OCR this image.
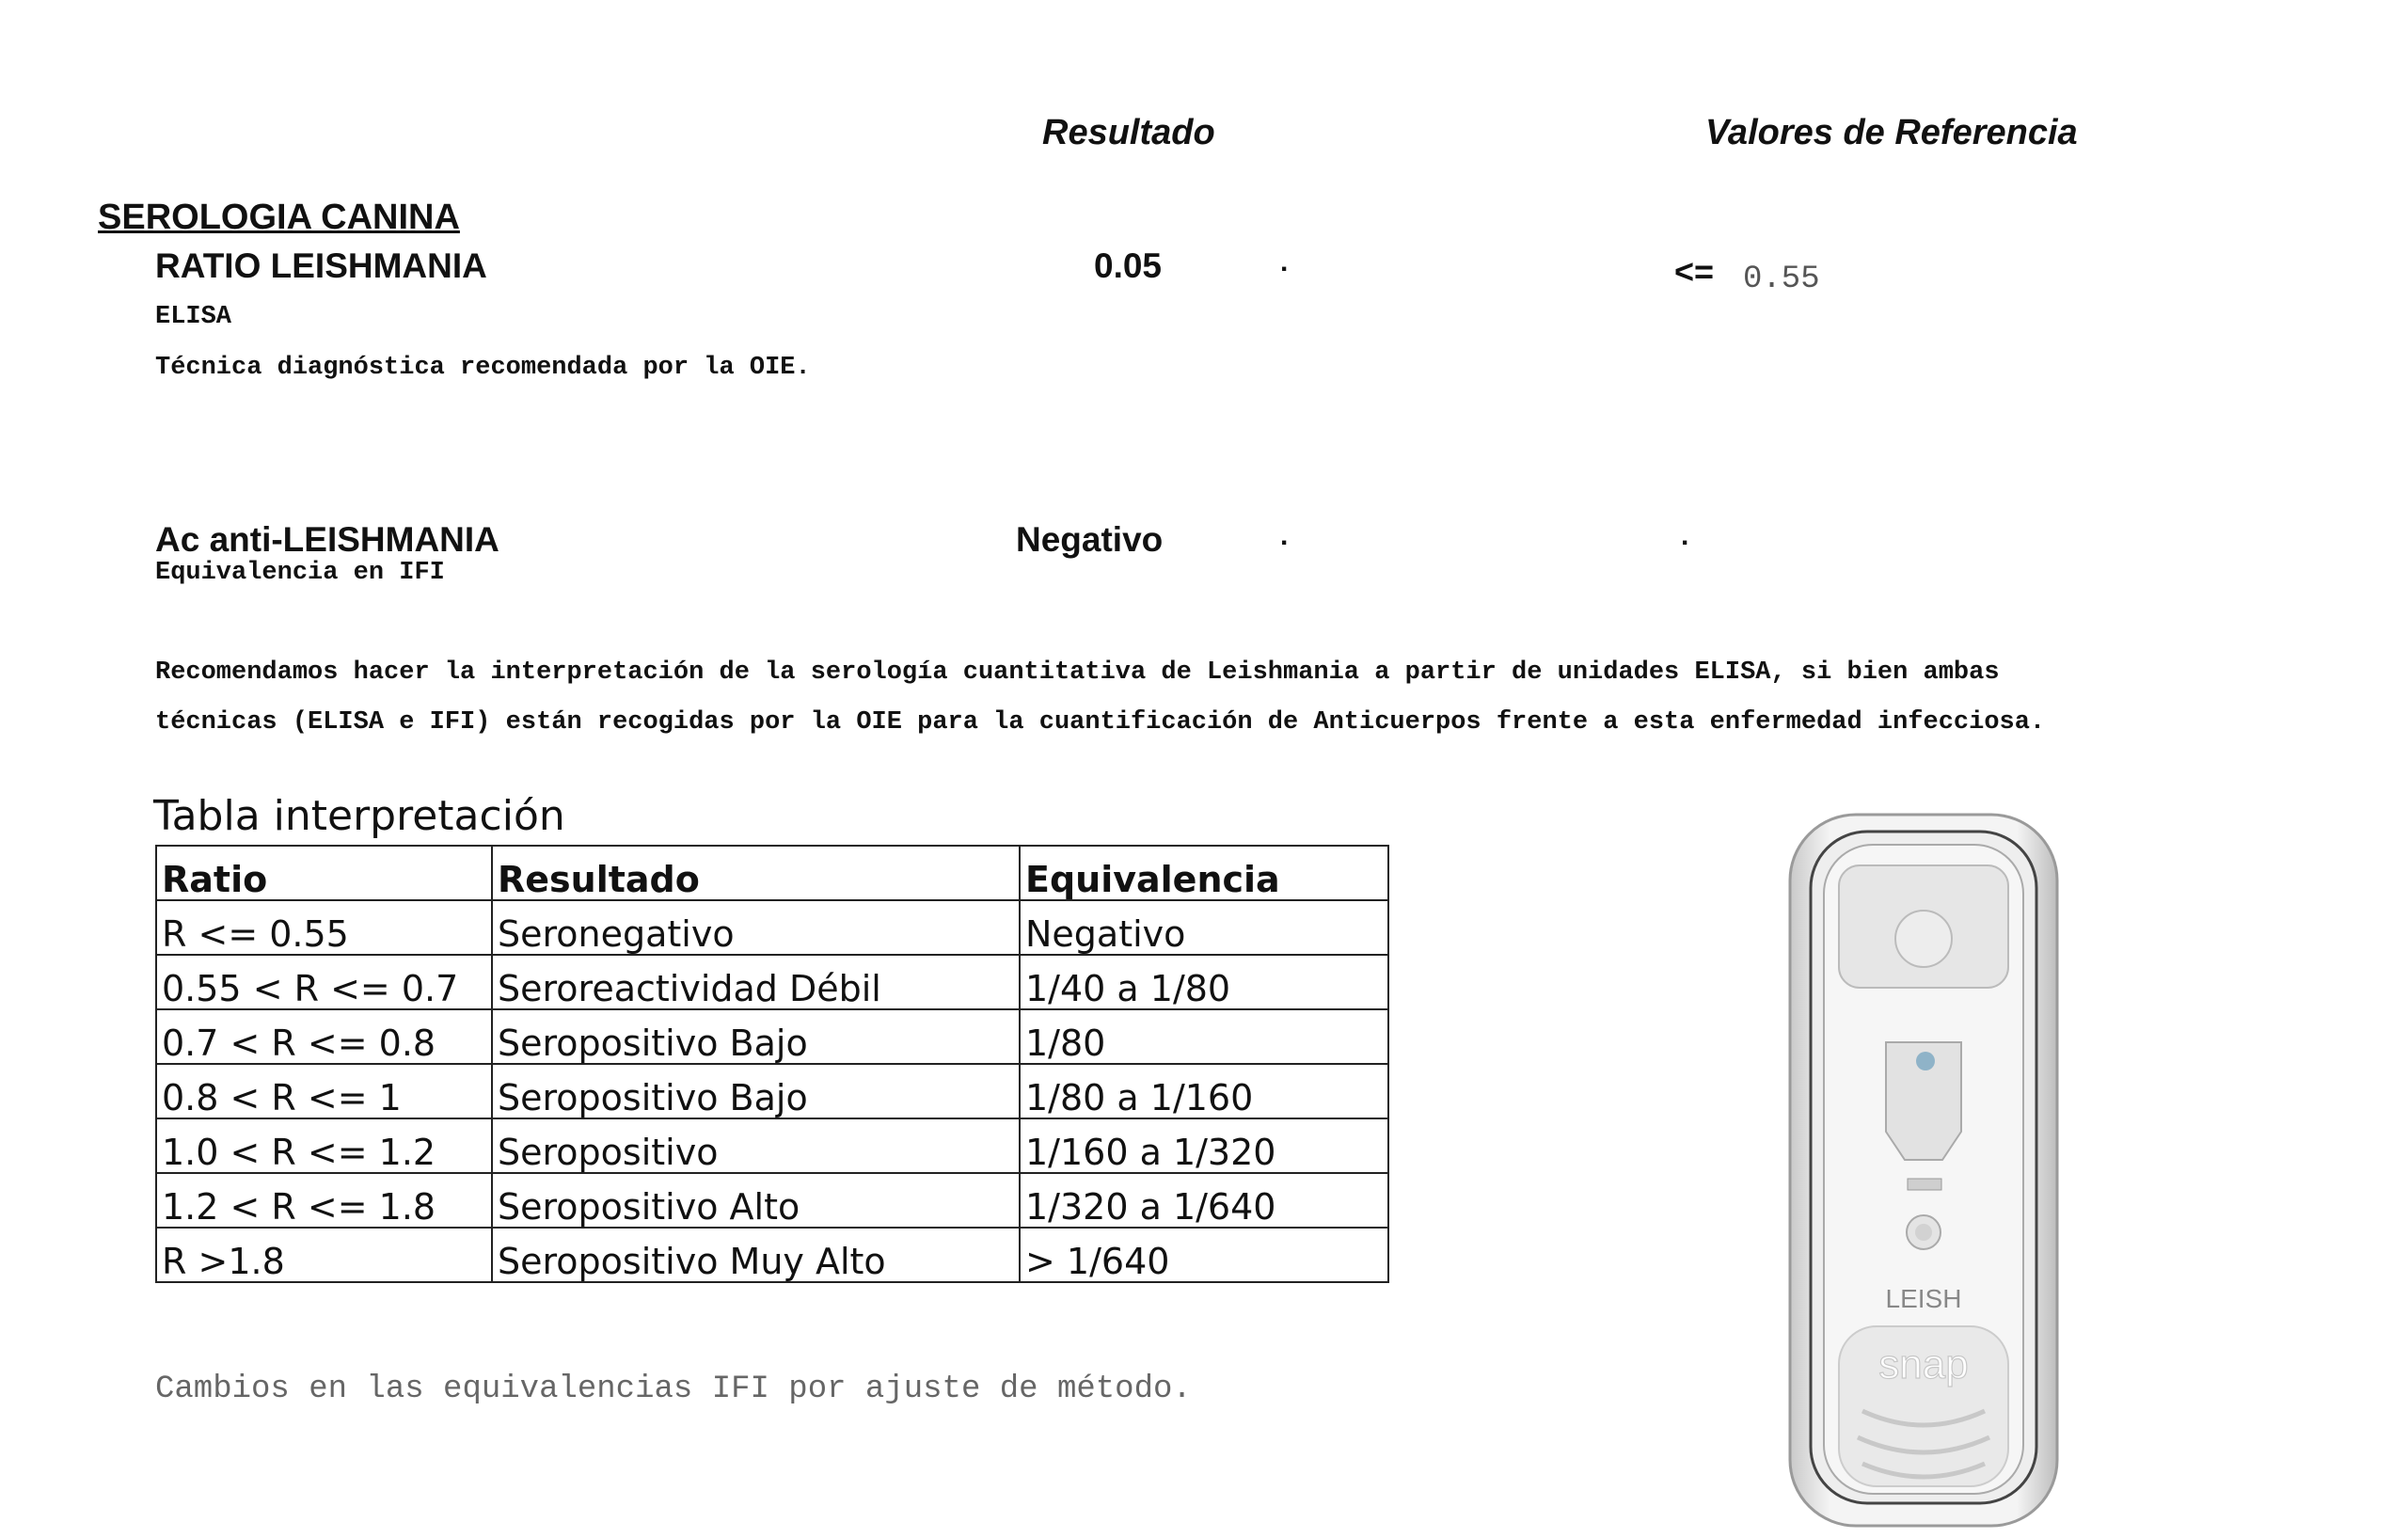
Resultado	Valores de Referencia
SEROLOGIA CANINA
RATIO LEISHMANIA	0.05	.	<= 0.55
ELISA
Técnica diagnóstica recomendada por la OIE.
Ac anti-LEISHMANIA	Negativo	.	.
Equivalencia en IFI
Recomendamos hacer la interpretación de la serología cuantitativa de Leishmania a partir de unidades ELISA, si bien ambas
técnicas (ELISA e IFI) están recogidas por la OIE para la cuantificación de Anticuerpos frente a esta enfermedad infecciosa.
Tabla interpretación
Ratio	Resultado	Equivalencia
R <= 0.55	Seronegativo	Negativo
0.55 < R <= 0.7	Seroreactividad Débil	1/40 a 1/80
0.7 < R <= 0.8	Seropositivo Bajo	1/80
0.8 < R <= 1	Seropositivo Bajo	1/80 a 1/160
1.0 < R <= 1.2	Seropositivo	1/160 a 1/320
1.2 < R <= 1.8	Seropositivo Alto	1/320 a 1/640
R >1.8	Seropositivo Muy Alto	> 1/640
Cambios en las equivalencias IFI por ajuste de método.
LEISH
snap
